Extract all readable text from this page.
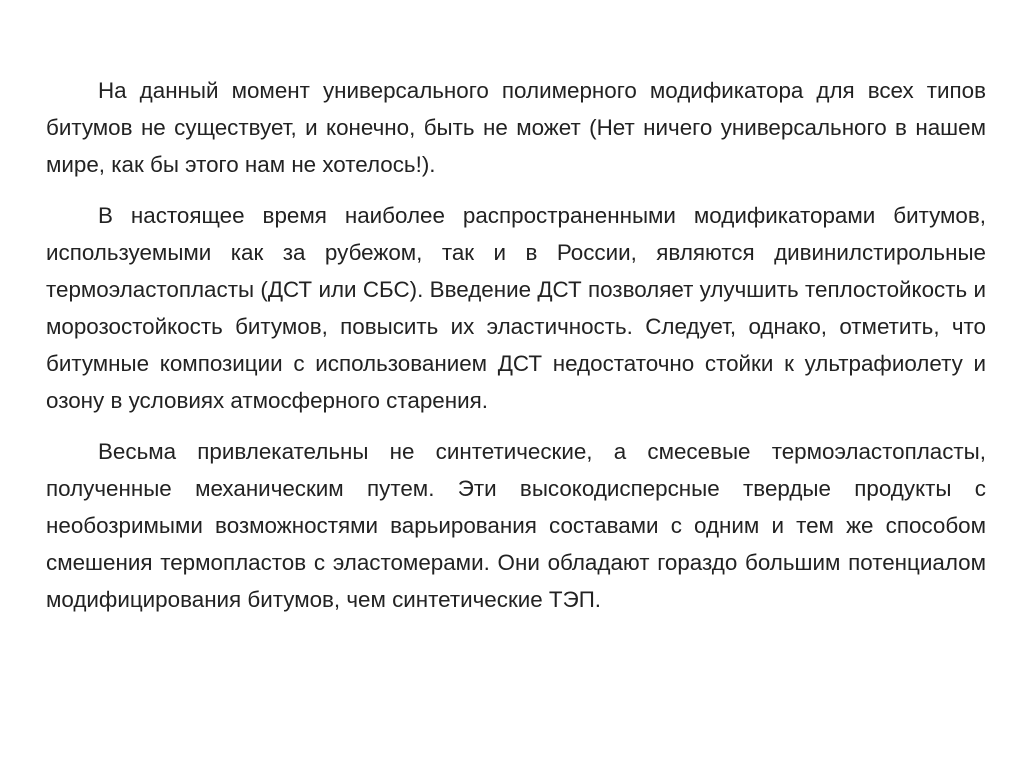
На данный момент универсального полимерного модификатора для всех типов битумов не существует, и конечно, быть не может (Нет ничего универсального в нашем мире, как бы этого нам не хотелось!).

В настоящее время наиболее распространенными модификаторами битумов, используемыми как за рубежом, так и в России, являются дивинилстирольные термоэластопласты (ДСТ или СБС). Введение ДСТ позволяет улучшить теплостойкость и морозостойкость битумов, повысить их эластичность. Следует, однако, отметить, что битумные композиции с использованием ДСТ недостаточно стойки к ультрафиолету и озону в условиях атмосферного старения.

Весьма привлекательны не синтетические, а смесевые термоэластопласты, полученные механическим путем. Эти высокодисперсные твердые продукты с необозримыми возможностями варьирования составами с одним и тем же способом смешения термопластов с эластомерами. Они обладают гораздо большим потенциалом модифицирования битумов, чем синтетические ТЭП.
